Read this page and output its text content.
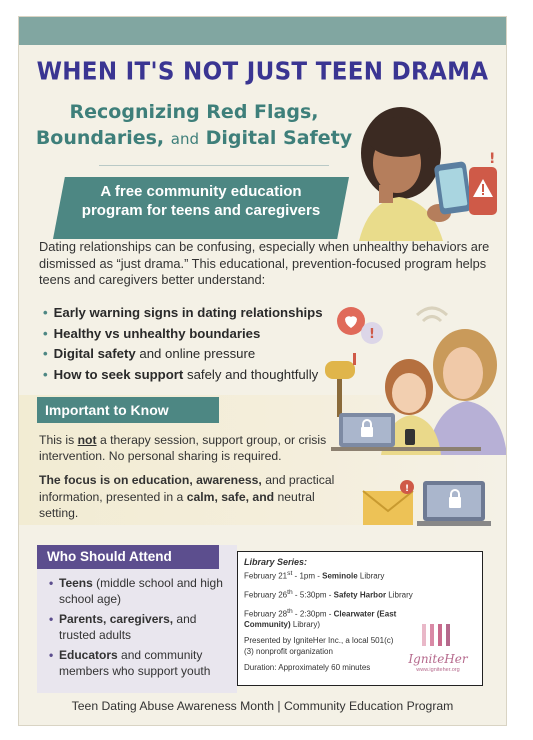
WHEN IT'S NOT JUST TEEN DRAMA
Recognizing Red Flags,
Boundaries, and Digital Safety
!
A free community education
program for teens and caregivers

Dating relationships can be confusing, especially when unhealthy behaviors are dismissed as “just drama.” This educational, prevention-focused program helps teens and caregivers better understand:

• Early warning signs in dating relationships
• Healthy vs unhealthy boundaries
• Digital safety and online pressure
• How to seek support safely and thoughtfully
!
Important to Know

This is not a therapy session, support group, or crisis intervention. No personal sharing is required.

The focus is on education, awareness, and practical information, presented in a calm, safe, and neutral setting.

!
Who Should Attend
• Teens (middle school and high school age)
• Parents, caregivers, and trusted adults
• Educators and community members who support youth
Library Series:
February 21st - 1pm - Seminole Library
February 26th - 5:30pm - Safety Harbor Library
February 28th - 2:30pm - Clearwater (East Community) Library)
Presented by IgniteHer Inc., a local 501(c)(3) nonprofit organization
Duration: Approximately 60 minutes
IgniteHer
www.igniteher.org
Teen Dating Abuse Awareness Month | Community Education Program
